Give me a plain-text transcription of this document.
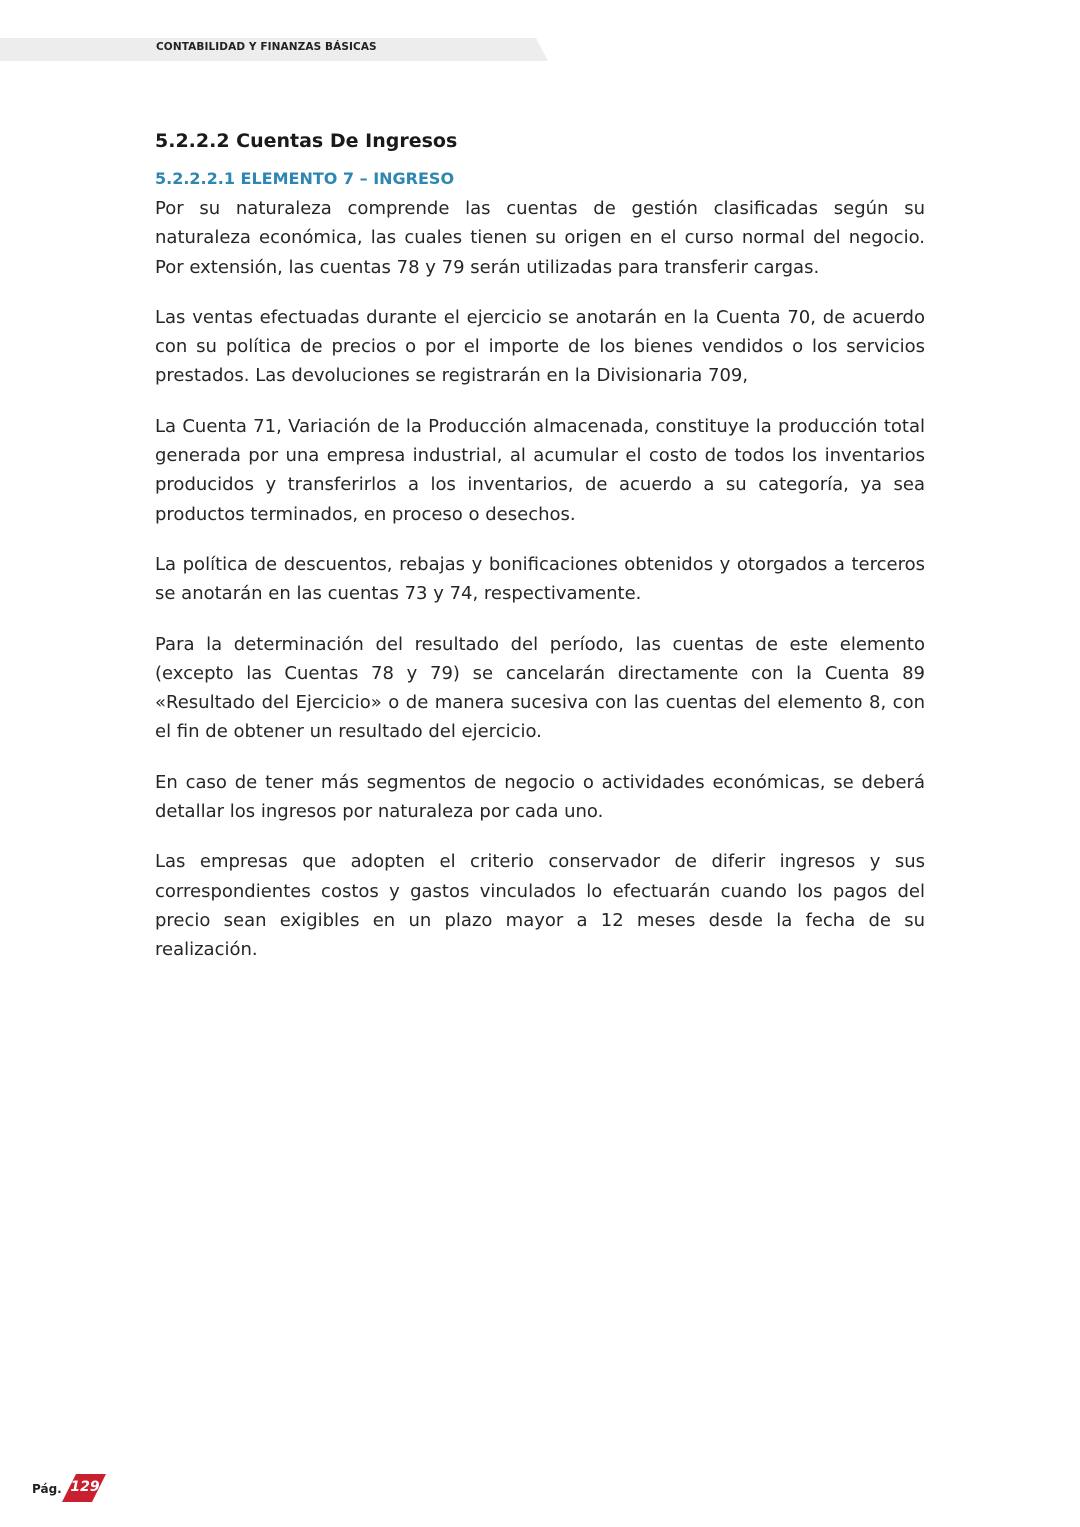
CONTABILIDAD Y FINANZAS BÁSICAS
5.2.2.2 Cuentas De Ingresos
5.2.2.2.1 ELEMENTO 7 – INGRESO

Por su naturaleza comprende las cuentas de gestión clasificadas según su naturaleza económica, las cuales tienen su origen en el curso normal del negocio. Por extensión, las cuentas 78 y 79 serán utilizadas para transferir cargas.

Las ventas efectuadas durante el ejercicio se anotarán en la Cuenta 70, de acuerdo con su política de precios o por el importe de los bienes vendidos o los servicios prestados. Las devoluciones se registrarán en la Divisionaria 709,

La Cuenta 71, Variación de la Producción almacenada, constituye la producción total generada por una empresa industrial, al acumular el costo de todos los inventarios producidos y transferirlos a los inventarios, de acuerdo a su categoría, ya sea productos terminados, en proceso o desechos.

La política de descuentos, rebajas y bonificaciones obtenidos y otorgados a terceros se anotarán en las cuentas 73 y 74, respectivamente.

Para la determinación del resultado del período, las cuentas de este elemento (excepto las Cuentas 78 y 79) se cancelarán directamente con la Cuenta 89 «Resultado del Ejercicio» o de manera sucesiva con las cuentas del elemento 8, con el fin de obtener un resultado del ejercicio.

En caso de tener más segmentos de negocio o actividades económicas, se deberá detallar los ingresos por naturaleza por cada uno.

Las empresas que adopten el criterio conservador de diferir ingresos y sus correspondientes costos y gastos vinculados lo efectuarán cuando los pagos del precio sean exigibles en un plazo mayor a 12 meses desde la fecha de su realización.

Pág. 129
